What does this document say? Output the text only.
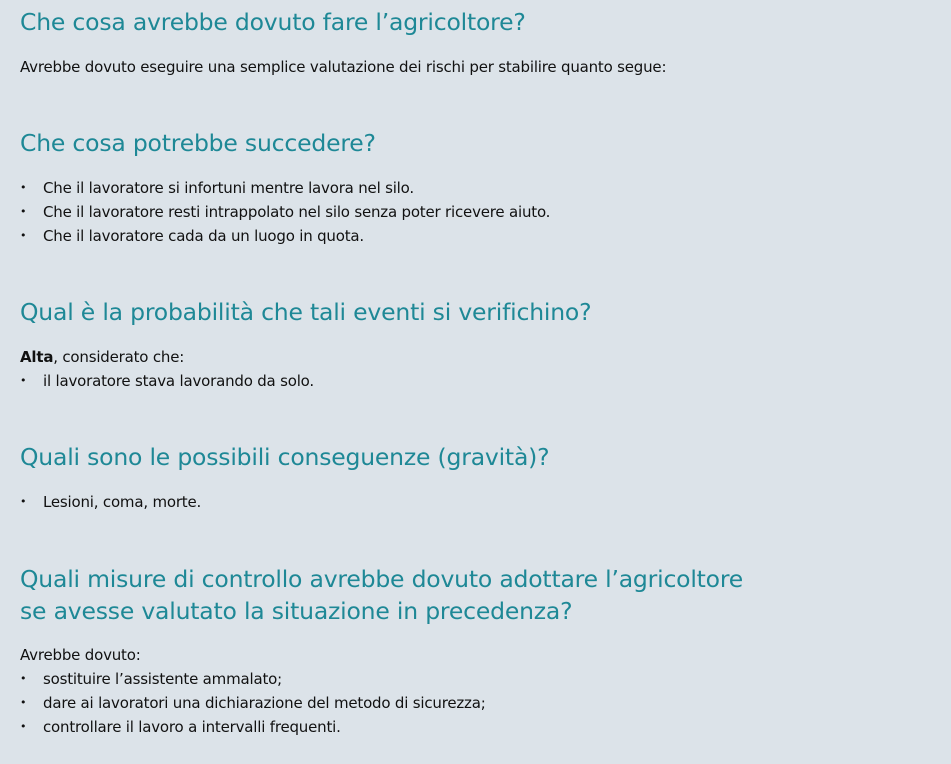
Che cosa avrebbe dovuto fare l’agricoltore?

Avrebbe dovuto eseguire una semplice valutazione dei rischi per stabilire quanto segue:

Che cosa potrebbe succedere?
• Che il lavoratore si infortuni mentre lavora nel silo.
• Che il lavoratore resti intrappolato nel silo senza poter ricevere aiuto.
• Che il lavoratore cada da un luogo in quota.
Qual è la probabilità che tali eventi si verifichino?

Alta, considerato che:

• il lavoratore stava lavorando da solo.
Quali sono le possibili conseguenze (gravità)?
• Lesioni, coma, morte.
Quali misure di controllo avrebbe dovuto adottare l’agricoltore
se avesse valutato la situazione in precedenza?

Avrebbe dovuto:

• sostituire l’assistente ammalato;
• dare ai lavoratori una dichiarazione del metodo di sicurezza;
• controllare il lavoro a intervalli frequenti.
